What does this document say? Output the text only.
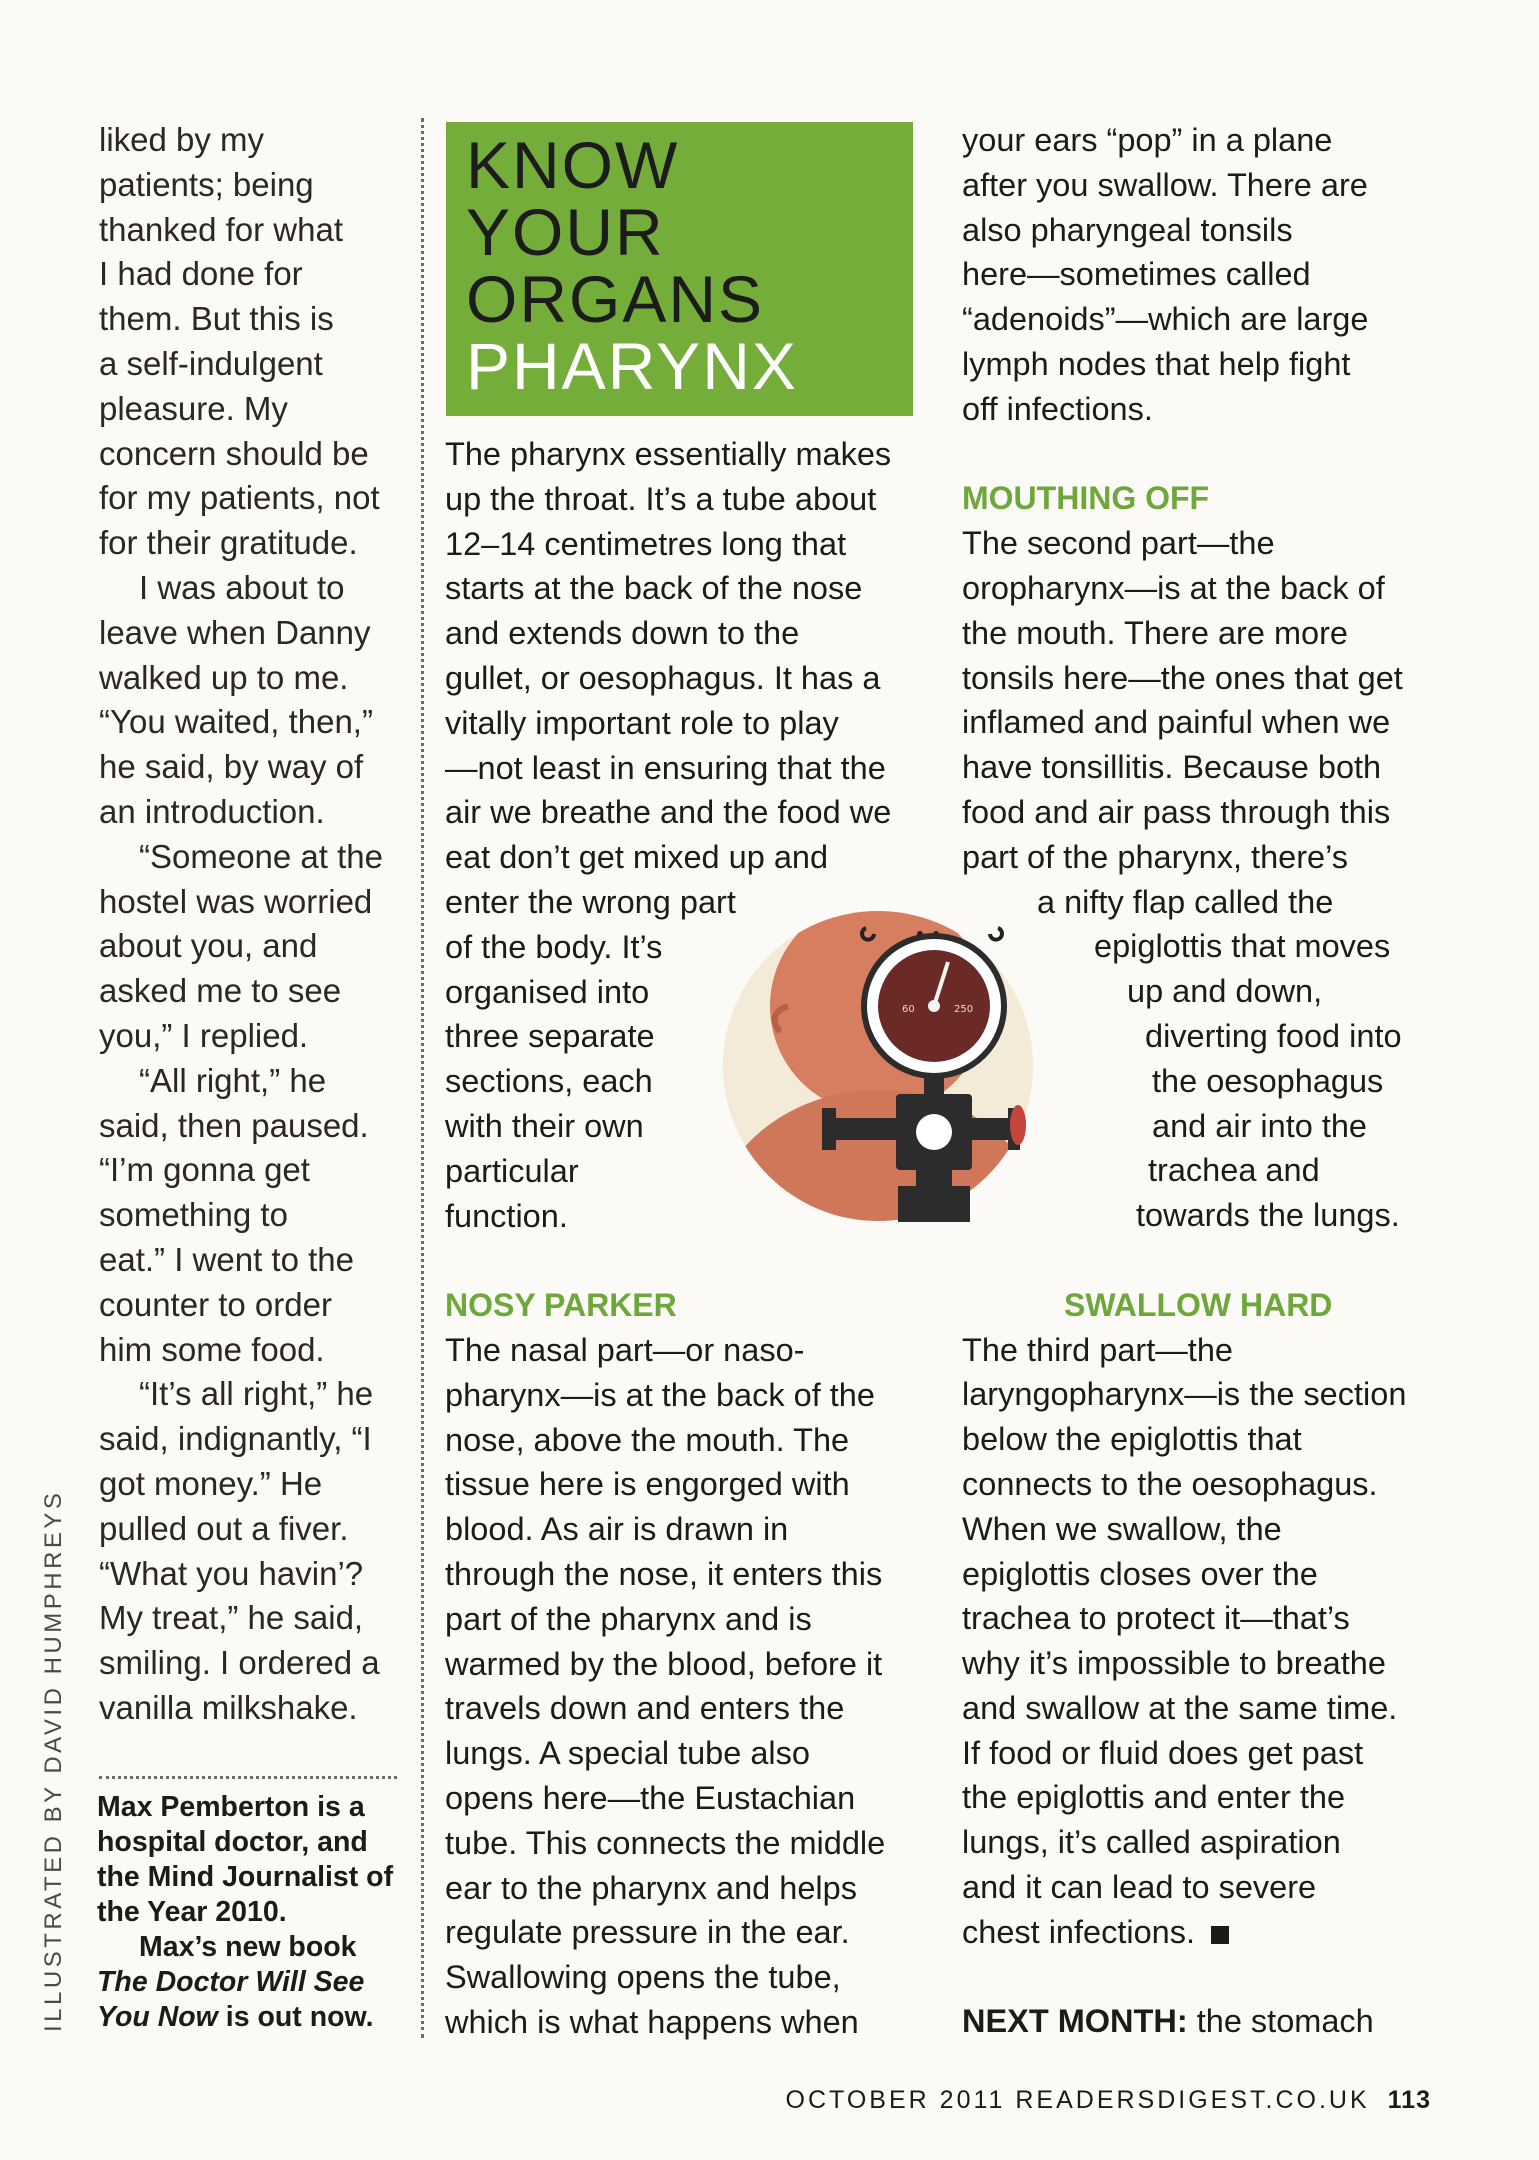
liked by my

patients; being

thanked for what

I had done for

them. But this is

a self-indulgent

pleasure. My

concern should be

for my patients, not

for their gratitude.

I was about to

leave when Danny

walked up to me.

“You waited, then,”

he said, by way of

an introduction.

“Someone at the

hostel was worried

about you, and

asked me to see

you,” I replied.

“All right,” he

said, then paused.

“I’m gonna get

something to

eat.” I went to the

counter to order

him some food.

“It’s all right,” he

said, indignantly, “I

got money.” He

pulled out a fiver.

“What you havin’?

My treat,” he said,

smiling. I ordered a

vanilla milkshake.

Max Pemberton is a

hospital doctor, and

the Mind Journalist of

the Year 2010.

Max’s new book

The Doctor Will See

You Now is out now.

ILLUSTRATED BY DAVID HUMPHREYS
KNOW
YOUR
ORGANS
PHARYNX
The pharynx essentially makes
up the throat. It’s a tube about
12–14 centimetres long that
starts at the back of the nose
and extends down to the
gullet, or oesophagus. It has a
vitally important role to play
—not least in ensuring that the
air we breathe and the food we
eat don’t get mixed up and
enter the wrong part
of the body. It’s
organised into
three separate
sections, each
with their own
particular
function.
NOSY PARKER
The nasal part—or naso-
pharynx—is at the back of the
nose, above the mouth. The
tissue here is engorged with
blood. As air is drawn in
through the nose, it enters this
part of the pharynx and is
warmed by the blood, before it
travels down and enters the
lungs. A special tube also
opens here—the Eustachian
tube. This connects the middle
ear to the pharynx and helps
regulate pressure in the ear.
Swallowing opens the tube,
which is what happens when
your ears “pop” in a plane
after you swallow. There are
also pharyngeal tonsils
here—sometimes called
“adenoids”—which are large
lymph nodes that help fight
off infections.
MOUTHING OFF
The second part—the
oropharynx—is at the back of
the mouth. There are more
tonsils here—the ones that get
inflamed and painful when we
have tonsillitis. Because both
food and air pass through this
part of the pharynx, there’s
a nifty flap called the
epiglottis that moves
up and down,
diverting food into
the oesophagus
and air into the
trachea and
towards the lungs.
SWALLOW HARD
The third part—the
laryngopharynx—is the section
below the epiglottis that
connects to the oesophagus.
When we swallow, the
epiglottis closes over the
trachea to protect it—that’s
why it’s impossible to breathe
and swallow at the same time.
If food or fluid does get past
the epiglottis and enter the
lungs, it’s called aspiration
and it can lead to severe
chest infections.
NEXT MONTH: the stomach
60	250
OCTOBER 2011 READERSDIGEST.CO.UK 113
